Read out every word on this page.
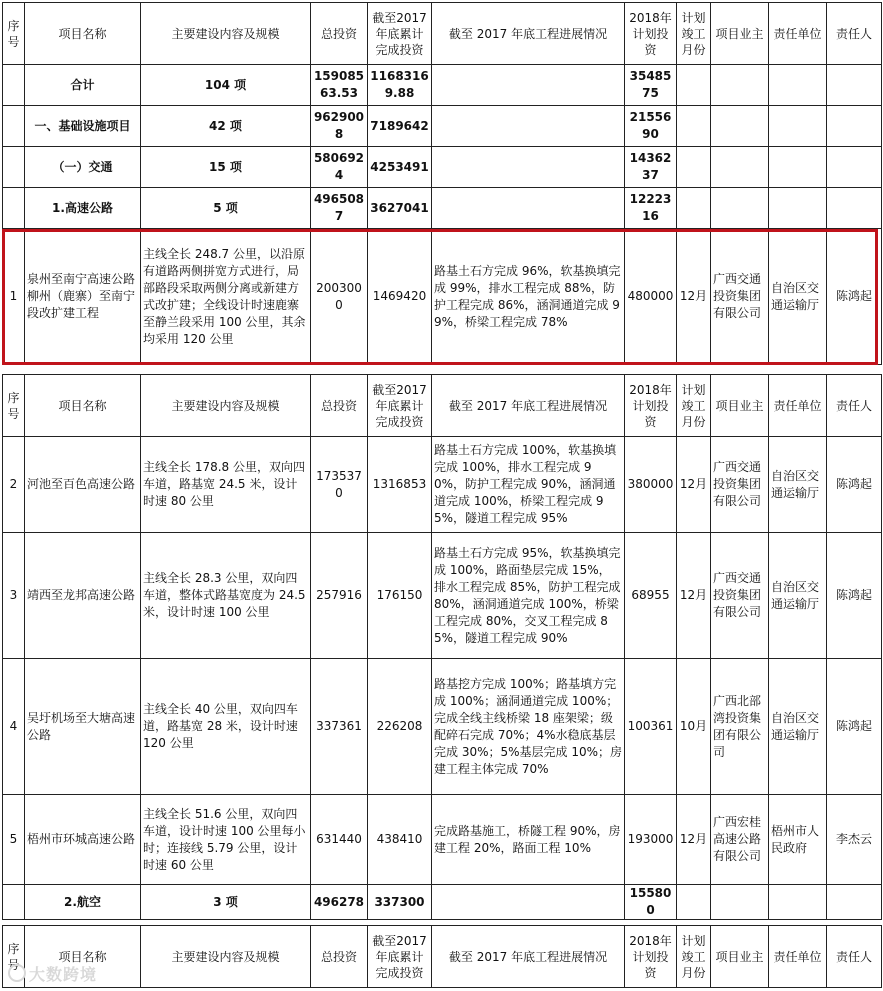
序号	项目名称	主要建设内容及规模	总投资	截至2017年底累计完成投资	截至 2017 年底工程进展情况	2018年计划投资	计划竣工月份	项目业主	责任单位	责任人
	合计	104 项	15908563.53	11683169.88		3548575				
	一、基础设施项目	42 项	9629008	7189642		2155690				
	（一）交通	15 项	5806924	4253491		1436237				
	1.高速公路	5 项	4965087	3627041		1222316				
1	泉州至南宁高速公路柳州（鹿寨）至南宁段改扩建工程	主线全长 248.7 公里，以沿原有道路两侧拼宽方式进行，局部路段采取两侧分离或新建方式改扩建；全线设计时速鹿寨至静兰段采用 100 公里，其余均采用 120 公里	2003000	1469420	路基土石方完成 96%，软基换填完成 99%，排水工程完成 88%，防护工程完成 86%，涵洞通道完成 99%，桥梁工程完成 78%	480000	12月	广西交通投资集团有限公司	自治区交通运输厅	陈鸿起
序号	项目名称	主要建设内容及规模	总投资	截至2017年底累计完成投资	截至 2017 年底工程进展情况	2018年计划投资	计划竣工月份	项目业主	责任单位	责任人
2	河池至百色高速公路	主线全长 178.8 公里，双向四车道，路基宽 24.5 米，设计时速 80 公里	1735370	1316853	路基土石方完成 100%，软基换填完成 100%，排水工程完成 90%，防护工程完成 90%，涵洞通道完成 100%，桥梁工程完成 95%，隧道工程完成 95%	380000	12月	广西交通投资集团有限公司	自治区交通运输厅	陈鸿起
3	靖西至龙邦高速公路	主线全长 28.3 公里，双向四车道，整体式路基宽度为 24.5 米，设计时速 100 公里	257916	176150	路基土石方完成 95%，软基换填完成 100%，路面垫层完成 15%，排水工程完成 85%，防护工程完成 80%，涵洞通道完成 100%，桥梁工程完成 80%，交叉工程完成 85%，隧道工程完成 90%	68955	12月	广西交通投资集团有限公司	自治区交通运输厅	陈鸿起
4	吴圩机场至大塘高速公路	主线全长 40 公里，双向四车道，路基宽 28 米，设计时速 120 公里	337361	226208	路基挖方完成 100%；路基填方完成 100%；涵洞通道完成 100%；完成全线主线桥梁 18 座架梁；级配碎石完成 70%；4%水稳底基层完成 30%；5%基层完成 10%；房建工程主体完成 70%	100361	10月	广西北部湾投资集团有限公司	自治区交通运输厅	陈鸿起
5	梧州市环城高速公路	主线全长 51.6 公里，双向四车道，设计时速 100 公里每小时；连接线 5.79 公里，设计时速 60 公里	631440	438410	完成路基施工，桥隧工程 90%，房建工程 20%，路面工程 10%	193000	12月	广西宏桂高速公路有限公司	梧州市人民政府	李杰云
	2.航空	3 项	496278	337300		155800				
序号	项目名称	主要建设内容及规模	总投资	截至2017年底累计完成投资	截至 2017 年底工程进展情况	2018年计划投资	计划竣工月份	项目业主	责任单位	责任人
大数跨境
